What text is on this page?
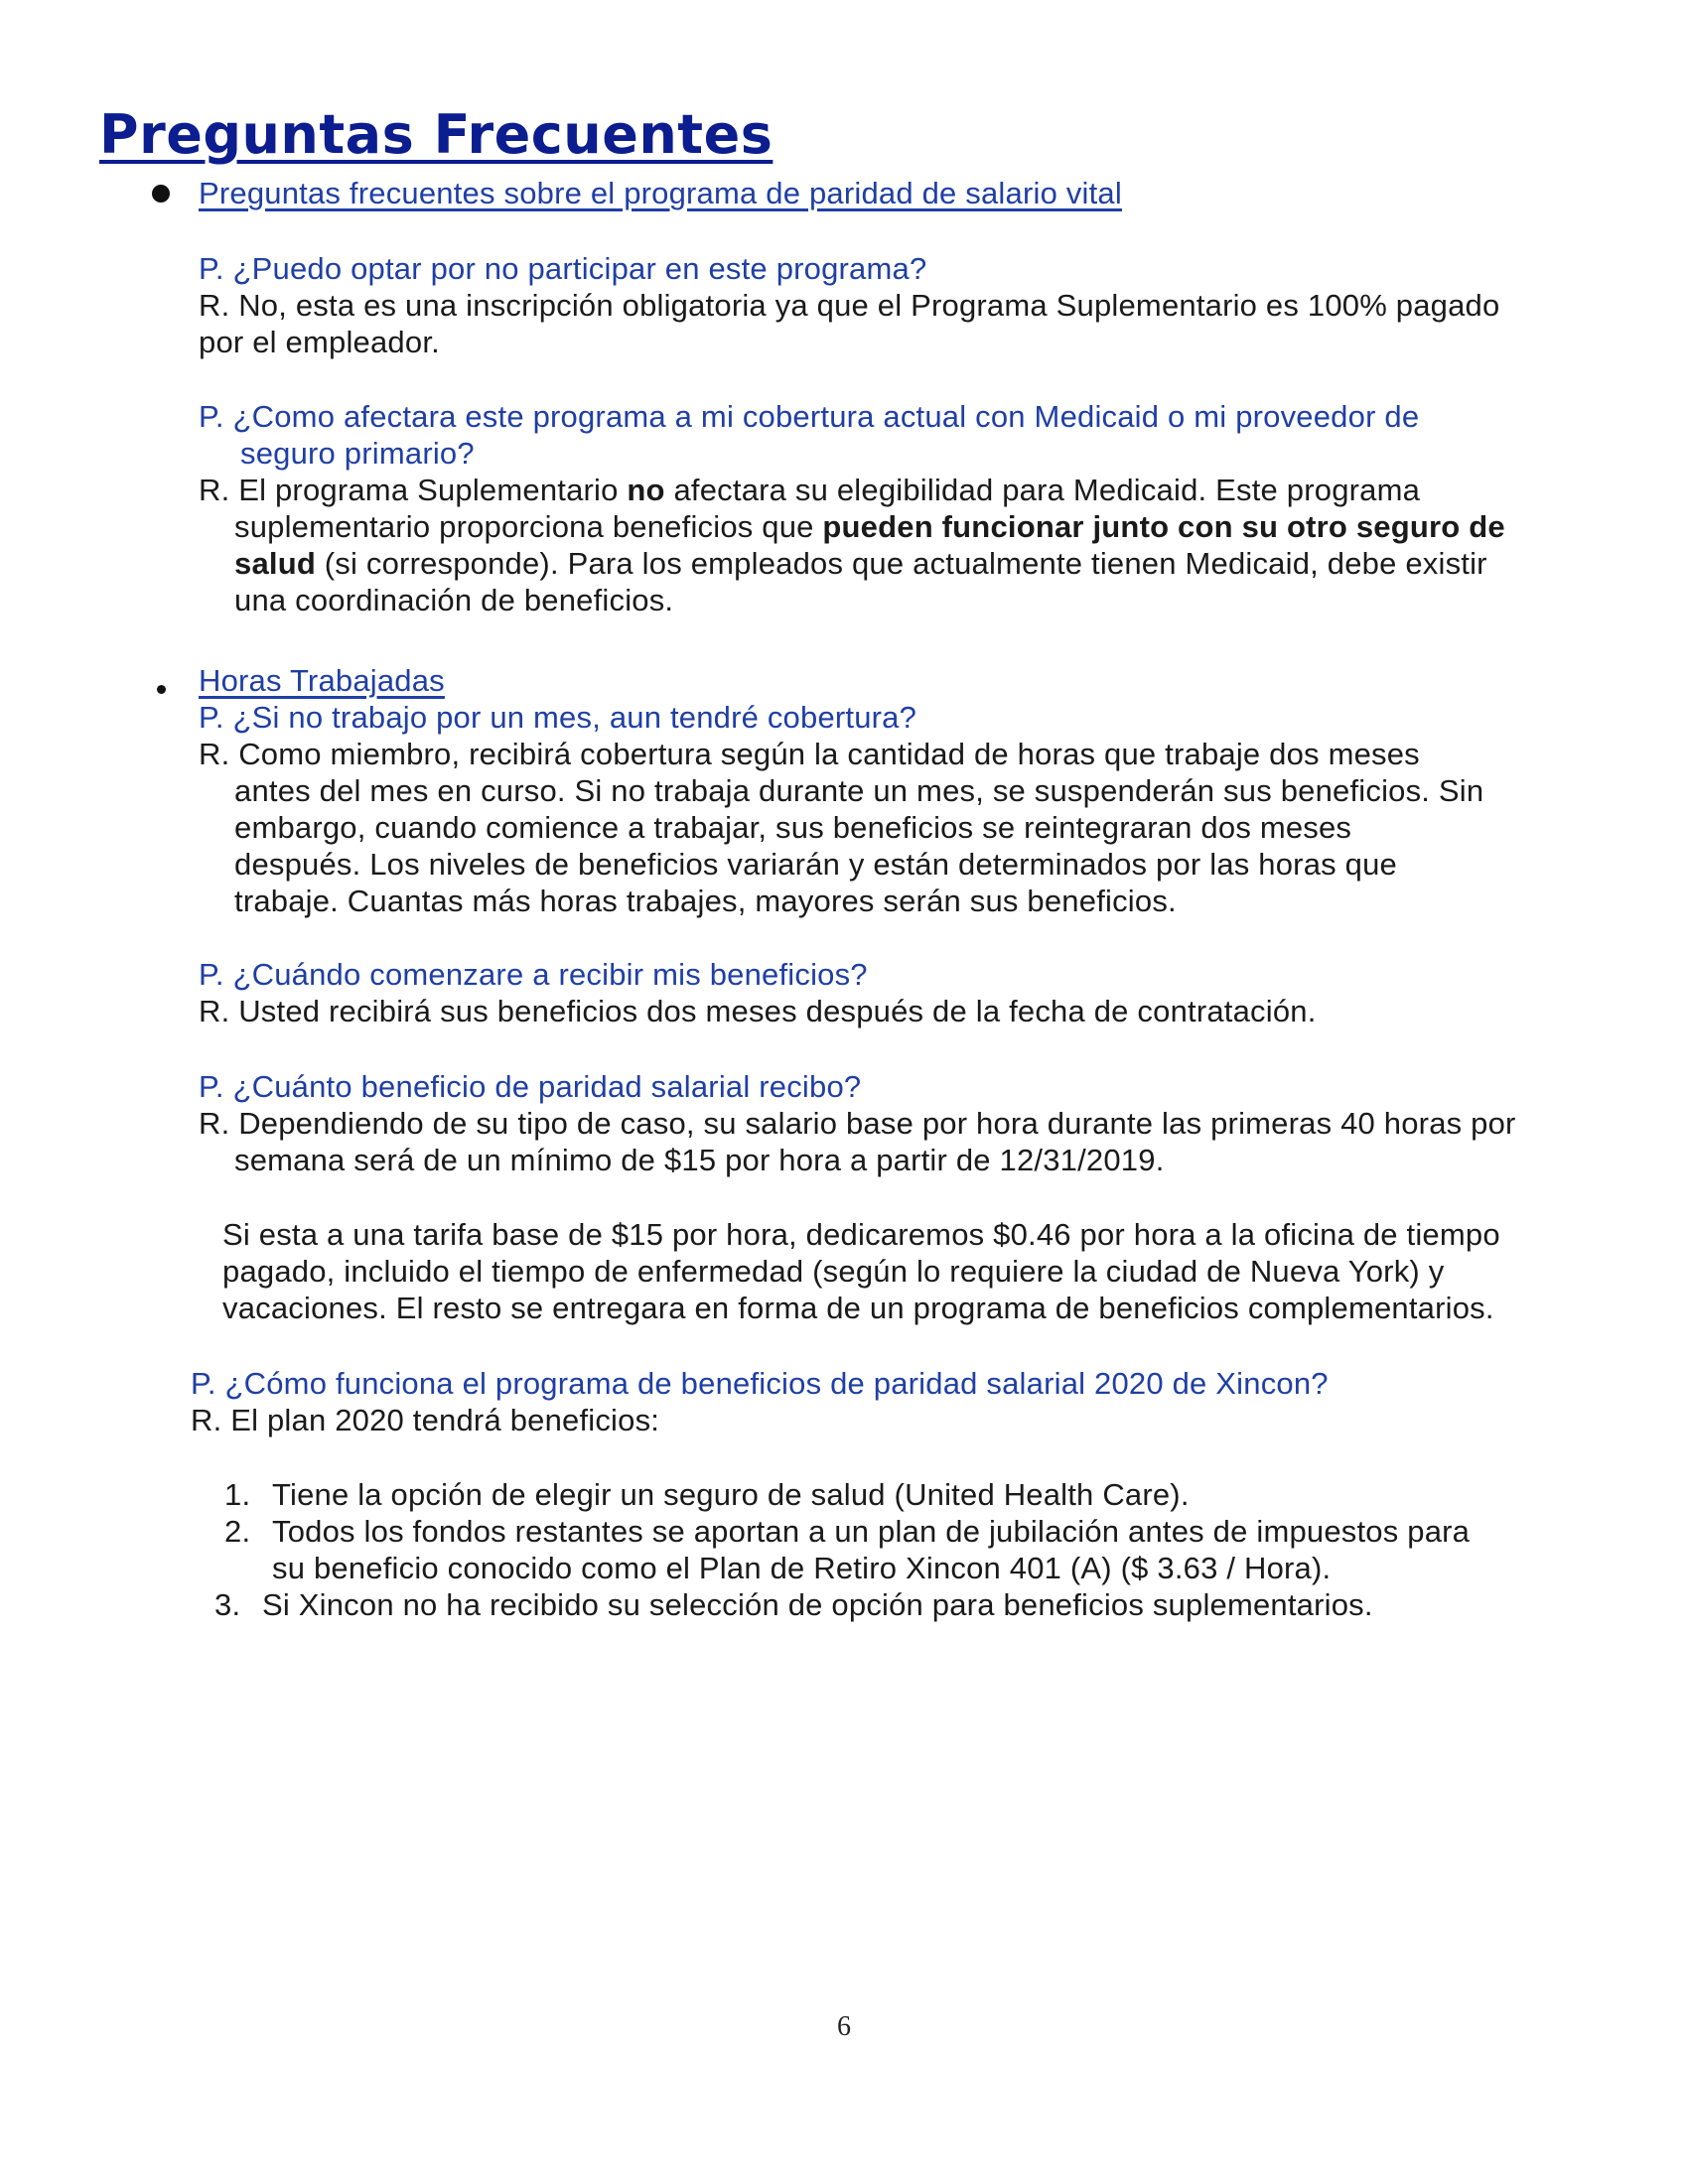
Preguntas Frecuentes
Preguntas frecuentes sobre el programa de paridad de salario vital
P. ¿Puedo optar por no participar en este programa?
R. No, esta es una inscripción obligatoria ya que el Programa Suplementario es 100% pagado
por el empleador.
P. ¿Como afectara este programa a mi cobertura actual con Medicaid o mi proveedor de
seguro primario?
R. El programa Suplementario no afectara su elegibilidad para Medicaid. Este programa
suplementario proporciona beneficios que pueden funcionar junto con su otro seguro de
salud (si corresponde). Para los empleados que actualmente tienen Medicaid, debe existir
una coordinación de beneficios.
Horas Trabajadas
P. ¿Si no trabajo por un mes, aun tendré cobertura?
R. Como miembro, recibirá cobertura según la cantidad de horas que trabaje dos meses
antes del mes en curso. Si no trabaja durante un mes, se suspenderán sus beneficios. Sin
embargo, cuando comience a trabajar, sus beneficios se reintegraran dos meses
después. Los niveles de beneficios variarán y están determinados por las horas que
trabaje. Cuantas más horas trabajes, mayores serán sus beneficios.
P. ¿Cuándo comenzare a recibir mis beneficios?
R. Usted recibirá sus beneficios dos meses después de la fecha de contratación.
P. ¿Cuánto beneficio de paridad salarial recibo?
R. Dependiendo de su tipo de caso, su salario base por hora durante las primeras 40 horas por
semana será de un mínimo de $15 por hora a partir de 12/31/2019.
Si esta a una tarifa base de $15 por hora, dedicaremos $0.46 por hora a la oficina de tiempo
pagado, incluido el tiempo de enfermedad (según lo requiere la ciudad de Nueva York) y
vacaciones. El resto se entregara en forma de un programa de beneficios complementarios.
P. ¿Cómo funciona el programa de beneficios de paridad salarial 2020 de Xincon?
R. El plan 2020 tendrá beneficios:
1. Tiene la opción de elegir un seguro de salud (United Health Care).
2. Todos los fondos restantes se aportan a un plan de jubilación antes de impuestos para
su beneficio conocido como el Plan de Retiro Xincon 401 (A) ($ 3.63 / Hora).
3. Si Xincon no ha recibido su selección de opción para beneficios suplementarios.
6
